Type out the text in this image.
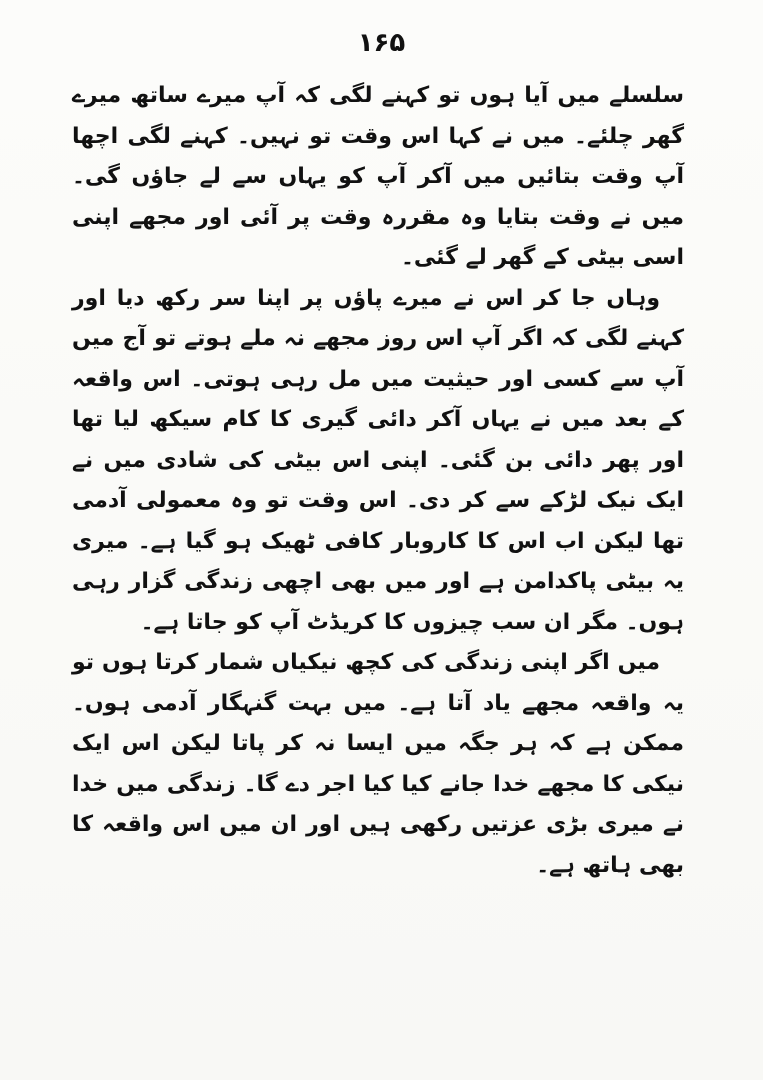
۱۶۵

سلسلے میں آیا ہوں تو کہنے لگی کہ آپ میرے ساتھ میرے گھر چلئے۔ میں نے کہا اس وقت تو نہیں۔ کہنے لگی اچھا آپ وقت بتائیں میں آکر آپ کو یہاں سے لے جاؤں گی۔ میں نے وقت بتایا وہ مقررہ وقت پر آئی اور مجھے اپنی اسی بیٹی کے گھر لے گئی۔

وہاں جا کر اس نے میرے پاؤں پر اپنا سر رکھ دیا اور کہنے لگی کہ اگر آپ اس روز مجھے نہ ملے ہوتے تو آج میں آپ سے کسی اور حیثیت میں مل رہی ہوتی۔ اس واقعہ کے بعد میں نے یہاں آکر دائی گیری کا کام سیکھ لیا تھا اور پھر دائی بن گئی۔ اپنی اس بیٹی کی شادی میں نے ایک نیک لڑکے سے کر دی۔ اس وقت تو وہ معمولی آدمی تھا لیکن اب اس کا کاروبار کافی ٹھیک ہو گیا ہے۔ میری یہ بیٹی پاکدامن ہے اور میں بھی اچھی زندگی گزار رہی ہوں۔ مگر ان سب چیزوں کا کریڈٹ آپ کو جاتا ہے۔

میں اگر اپنی زندگی کی کچھ نیکیاں شمار کرتا ہوں تو یہ واقعہ مجھے یاد آتا ہے۔ میں بہت گنہگار آدمی ہوں۔ ممکن ہے کہ ہر جگہ میں ایسا نہ کر پاتا لیکن اس ایک نیکی کا مجھے خدا جانے کیا کیا اجر دے گا۔ زندگی میں خدا نے میری بڑی عزتیں رکھی ہیں اور ان میں اس واقعہ کا بھی ہاتھ ہے۔
